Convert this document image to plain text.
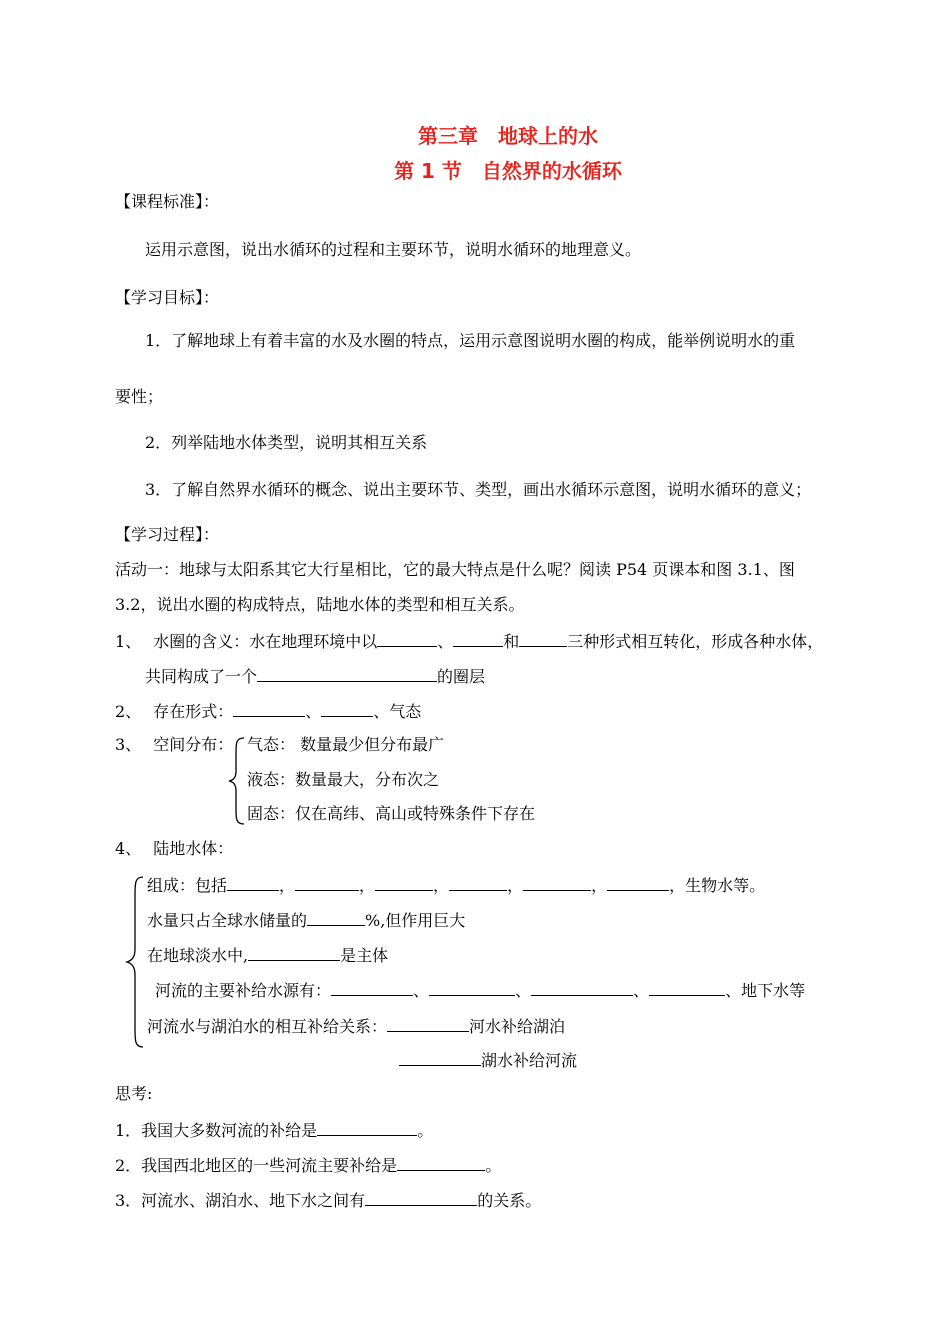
第三章　地球上的水
第 1 节　自然界的水循环
【课程标准】：
运用示意图，说出水循环的过程和主要环节，说明水循环的地理意义。
【学习目标】：
1．了解地球上有着丰富的水及水圈的特点，运用示意图说明水圈的构成，能举例说明水的重
要性；
2．列举陆地水体类型，说明其相互关系
3．了解自然界水循环的概念、说出主要环节、类型，画出水循环示意图，说明水循环的意义；
【学习过程】：
活动一：地球与太阳系其它大行星相比，它的最大特点是什么呢？阅读 P54 页课本和图 3.1、图
3.2，说出水圈的构成特点，陆地水体的类型和相互关系。
1、 水圈的含义：水在地理环境中以	、	和	三种形式相互转化，形成各种水体，
共同构成了一个	的圈层
2、 存在形式：	、	、气态
3、 空间分布： 气态： 数量最少但分布最广
液态：数量最大，分布次之
固态：仅在高纬、高山或特殊条件下存在
4、 陆地水体：
组成：包括	，	，	，	，	，	，生物水等。
水量只占全球水储量的	%,但作用巨大
在地球淡水中,	是主体
河流的主要补给水源有：	、	、	、	、地下水等
河流水与湖泊水的相互补给关系：	河水补给湖泊
湖水补给河流
思考:
1．我国大多数河流的补给是	。
2．我国西北地区的一些河流主要补给是	。
3．河流水、湖泊水、地下水之间有	的关系。
